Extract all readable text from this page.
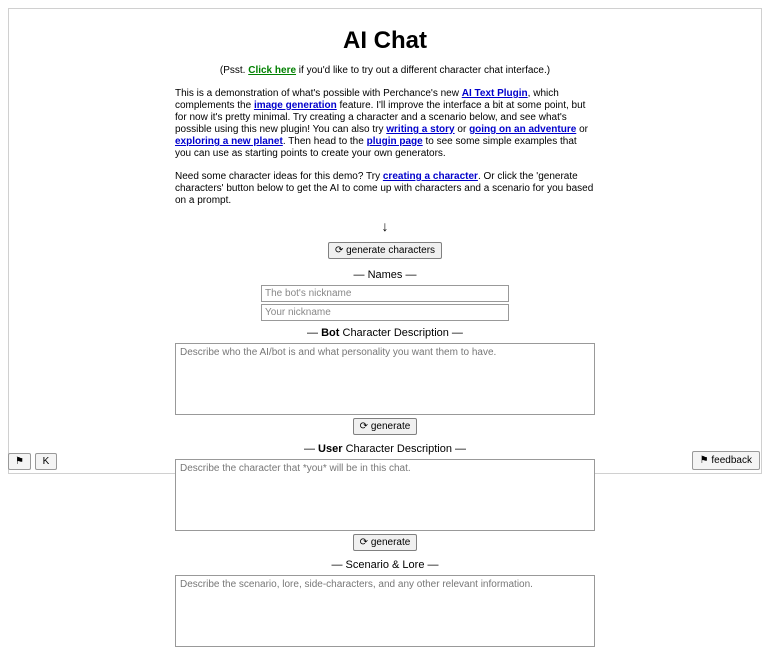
AI Chat
(Psst. Click here if you'd like to try out a different character chat interface.)

This is a demonstration of what's possible with Perchance's new AI Text Plugin, which complements the image generation feature. I'll improve the interface a bit at some point, but for now it's pretty minimal. Try creating a character and a scenario below, and see what's possible using this new plugin! You can also try writing a story or going on an adventure or exploring a new planet. Then head to the plugin page to see some simple examples that you can use as starting points to create your own generators.

Need some character ideas for this demo? Try creating a character. Or click the 'generate characters' button below to get the AI to come up with characters and a scenario for you based on a prompt.

↓
⟳ generate characters
— Names —
The bot's nickname
Your nickname
— Bot Character Description —
Describe who the AI/bot is and what personality you want them to have.
⟳ generate
— User Character Description —
Describe the character that *you* will be in this chat.
⟳ generate
— Scenario & Lore —
Describe the scenario, lore, side-characters, and any other relevant information.
⚑	K	⚑ feedback
